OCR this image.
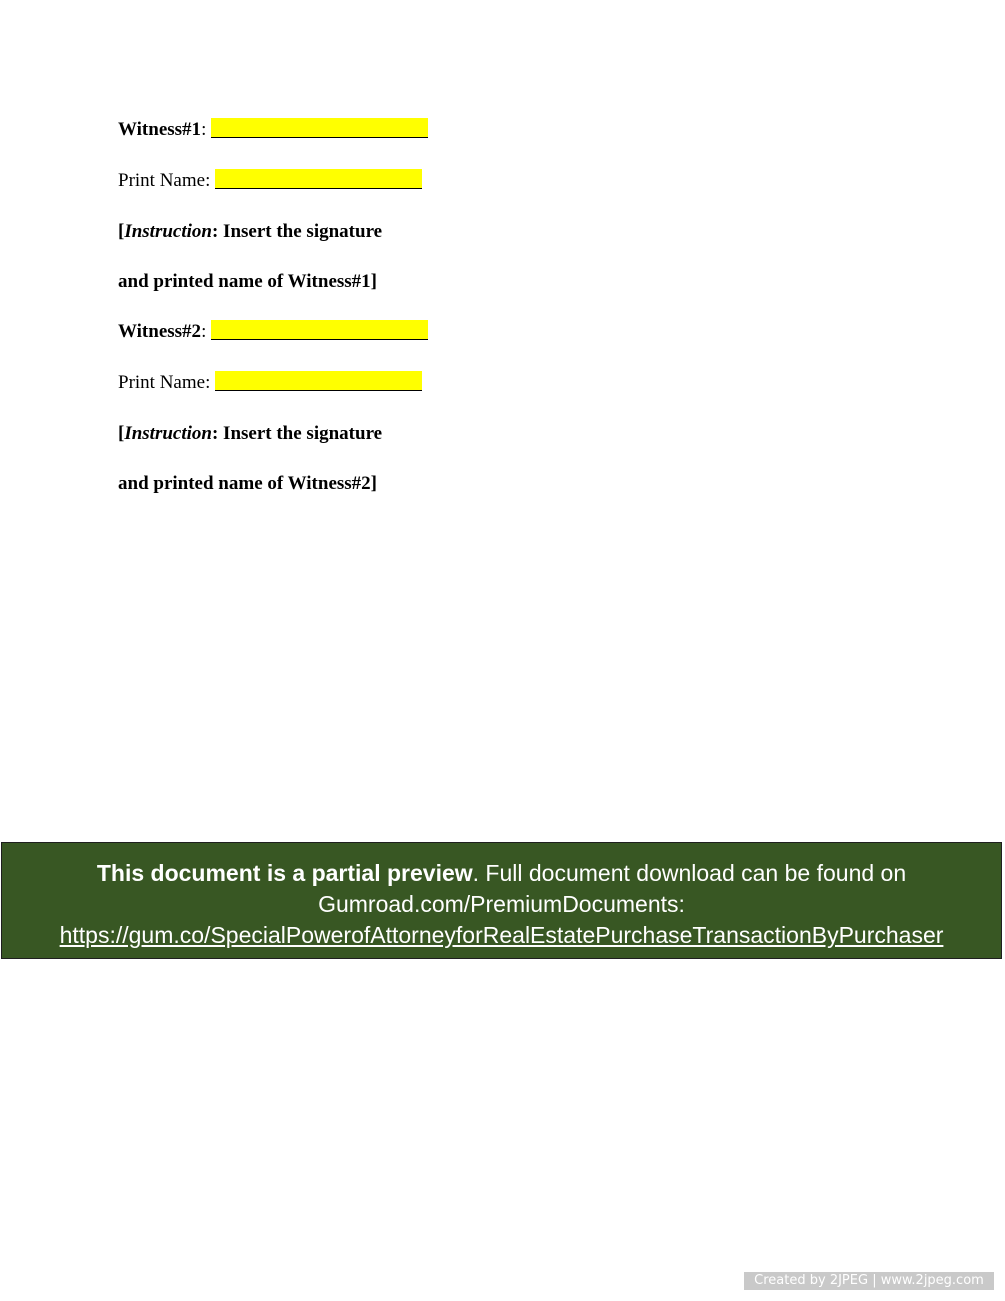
Witness#1:
Print Name:
[Instruction: Insert the signature
and printed name of Witness#1]
Witness#2:
Print Name:
[Instruction: Insert the signature
and printed name of Witness#2]
This document is a partial preview. Full document download can be found on
Gumroad.com/PremiumDocuments:
https://gum.co/SpecialPowerofAttorneyforRealEstatePurchaseTransactionByPurchaser
Created by 2JPEG | www.2jpeg.com
